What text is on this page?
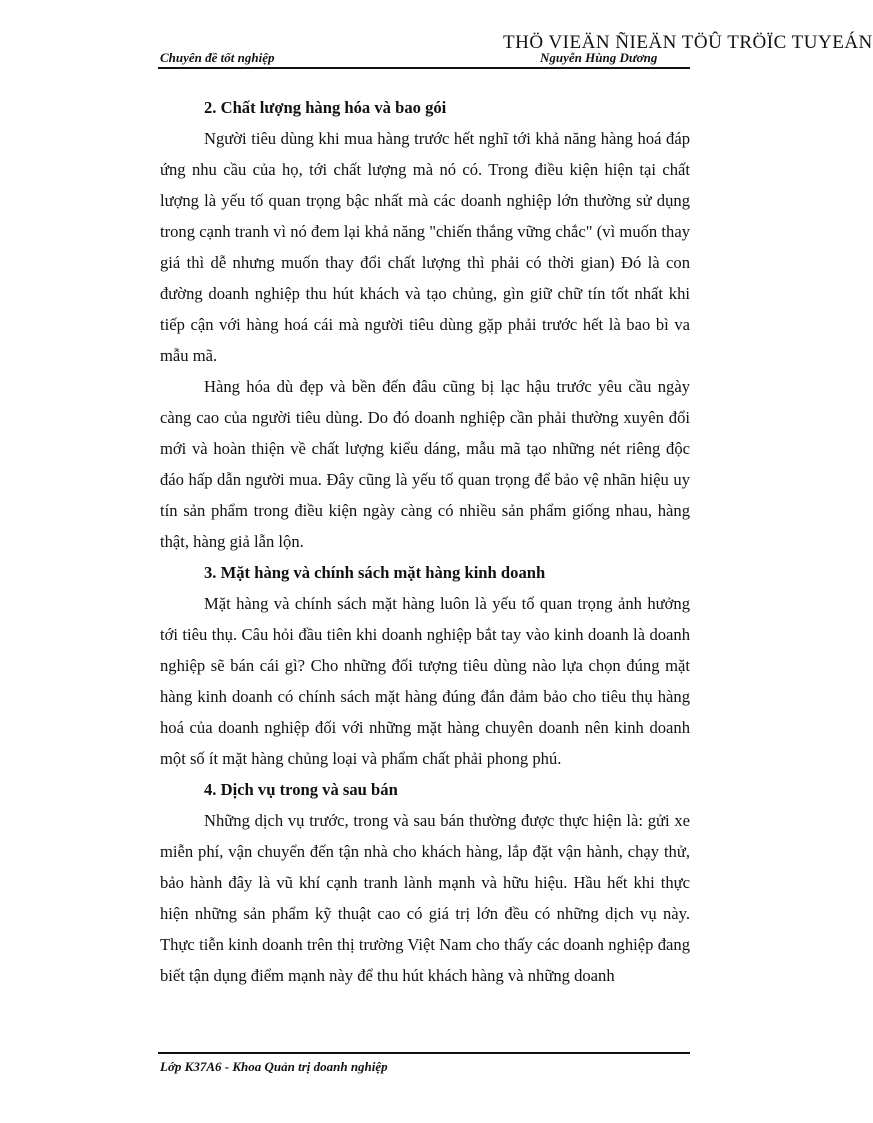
THÖ VIEÄN ÑIEÄN TÖÛ TRÖÏC TUYEÁN
Chuyên đề tốt nghiệp	Nguyễn Hùng Dương
2. Chất lượng hàng hóa và bao gói

Người tiêu dùng khi mua hàng trước hết nghĩ tới khả năng hàng hoá đáp ứng nhu cầu của họ, tới chất lượng mà nó có. Trong điều kiện hiện tại chất lượng là yếu tố quan trọng bậc nhất mà các doanh nghiệp lớn thường sử dụng trong cạnh tranh vì nó đem lại khả năng "chiến thắng vững chắc" (vì muốn thay giá thì dễ nhưng muốn thay đổi chất lượng thì phải có thời gian) Đó là con đường doanh nghiệp thu hút khách và tạo chủng, gìn giữ chữ tín tốt nhất khi tiếp cận với hàng hoá cái mà người tiêu dùng gặp phải trước hết là bao bì va mẫu mã.

Hàng hóa dù đẹp và bền đến đâu cũng bị lạc hậu trước yêu cầu ngày càng cao của người tiêu dùng. Do đó doanh nghiệp cần phải thường xuyên đổi mới và hoàn thiện về chất lượng kiểu dáng, mẫu mã tạo những nét riêng độc đáo hấp dẫn người mua. Đây cũng là yếu tố quan trọng để bảo vệ nhãn hiệu uy tín sản phẩm trong điều kiện ngày càng có nhiều sản phẩm giống nhau, hàng thật, hàng giả lẫn lộn.

3. Mặt hàng và chính sách mặt hàng kinh doanh

Mặt hàng và chính sách mặt hàng luôn là yếu tố quan trọng ảnh hưởng tới tiêu thụ. Câu hỏi đầu tiên khi doanh nghiệp bắt tay vào kinh doanh là doanh nghiệp sẽ bán cái gì? Cho những đối tượng tiêu dùng nào lựa chọn đúng mặt hàng kinh doanh có chính sách mặt hàng đúng đắn đảm bảo cho tiêu thụ hàng hoá của doanh nghiệp đối với những mặt hàng chuyên doanh nên kinh doanh một số ít mặt hàng chủng loại và phẩm chất phải phong phú.

4. Dịch vụ trong và sau bán

Những dịch vụ trước, trong và sau bán thường được thực hiện là: gửi xe miễn phí, vận chuyển đến tận nhà cho khách hàng, lắp đặt vận hành, chạy thử, bảo hành đây là vũ khí cạnh tranh lành mạnh và hữu hiệu. Hầu hết khi thực hiện những sản phẩm kỹ thuật cao có giá trị lớn đều có những dịch vụ này. Thực tiễn kinh doanh trên thị trường Việt Nam cho thấy các doanh nghiệp đang biết tận dụng điểm mạnh này để thu hút khách hàng và những doanh

Lớp K37A6 - Khoa Quản trị doanh nghiệp
